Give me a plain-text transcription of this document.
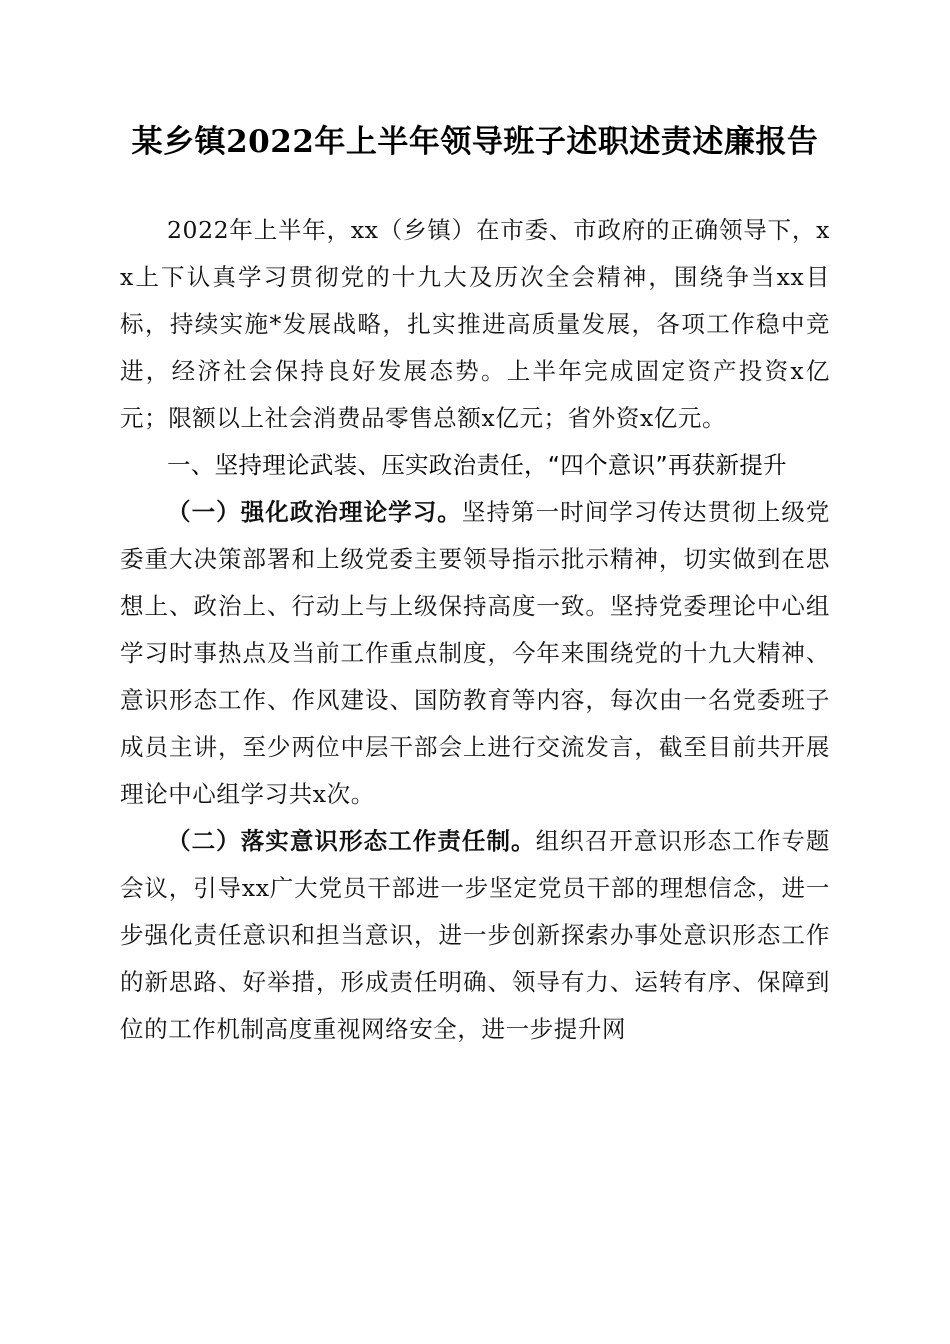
某乡镇2022年上半年领导班子述职述责述廉报告

2022年上半年，xx（乡镇）在市委、市政府的正确领导下，xx上下认真学习贯彻党的十九大及历次全会精神，围绕争当xx目标，持续实施*发展战略，扎实推进高质量发展，各项工作稳中竞进，经济社会保持良好发展态势。上半年完成固定资产投资x亿元；限额以上社会消费品零售总额x亿元；省外资x亿元。

一、坚持理论武装、压实政治责任，“四个意识”再获新提升

（一）强化政治理论学习。坚持第一时间学习传达贯彻上级党委重大决策部署和上级党委主要领导指示批示精神，切实做到在思想上、政治上、行动上与上级保持高度一致。坚持党委理论中心组学习时事热点及当前工作重点制度，今年来围绕党的十九大精神、意识形态工作、作风建设、国防教育等内容，每次由一名党委班子成员主讲，至少两位中层干部会上进行交流发言，截至目前共开展理论中心组学习共x次。

（二）落实意识形态工作责任制。组织召开意识形态工作专题会议，引导xx广大党员干部进一步坚定党员干部的理想信念，进一步强化责任意识和担当意识，进一步创新探索办事处意识形态工作的新思路、好举措，形成责任明确、领导有力、运转有序、保障到位的工作机制高度重视网络安全，进一步提升网
